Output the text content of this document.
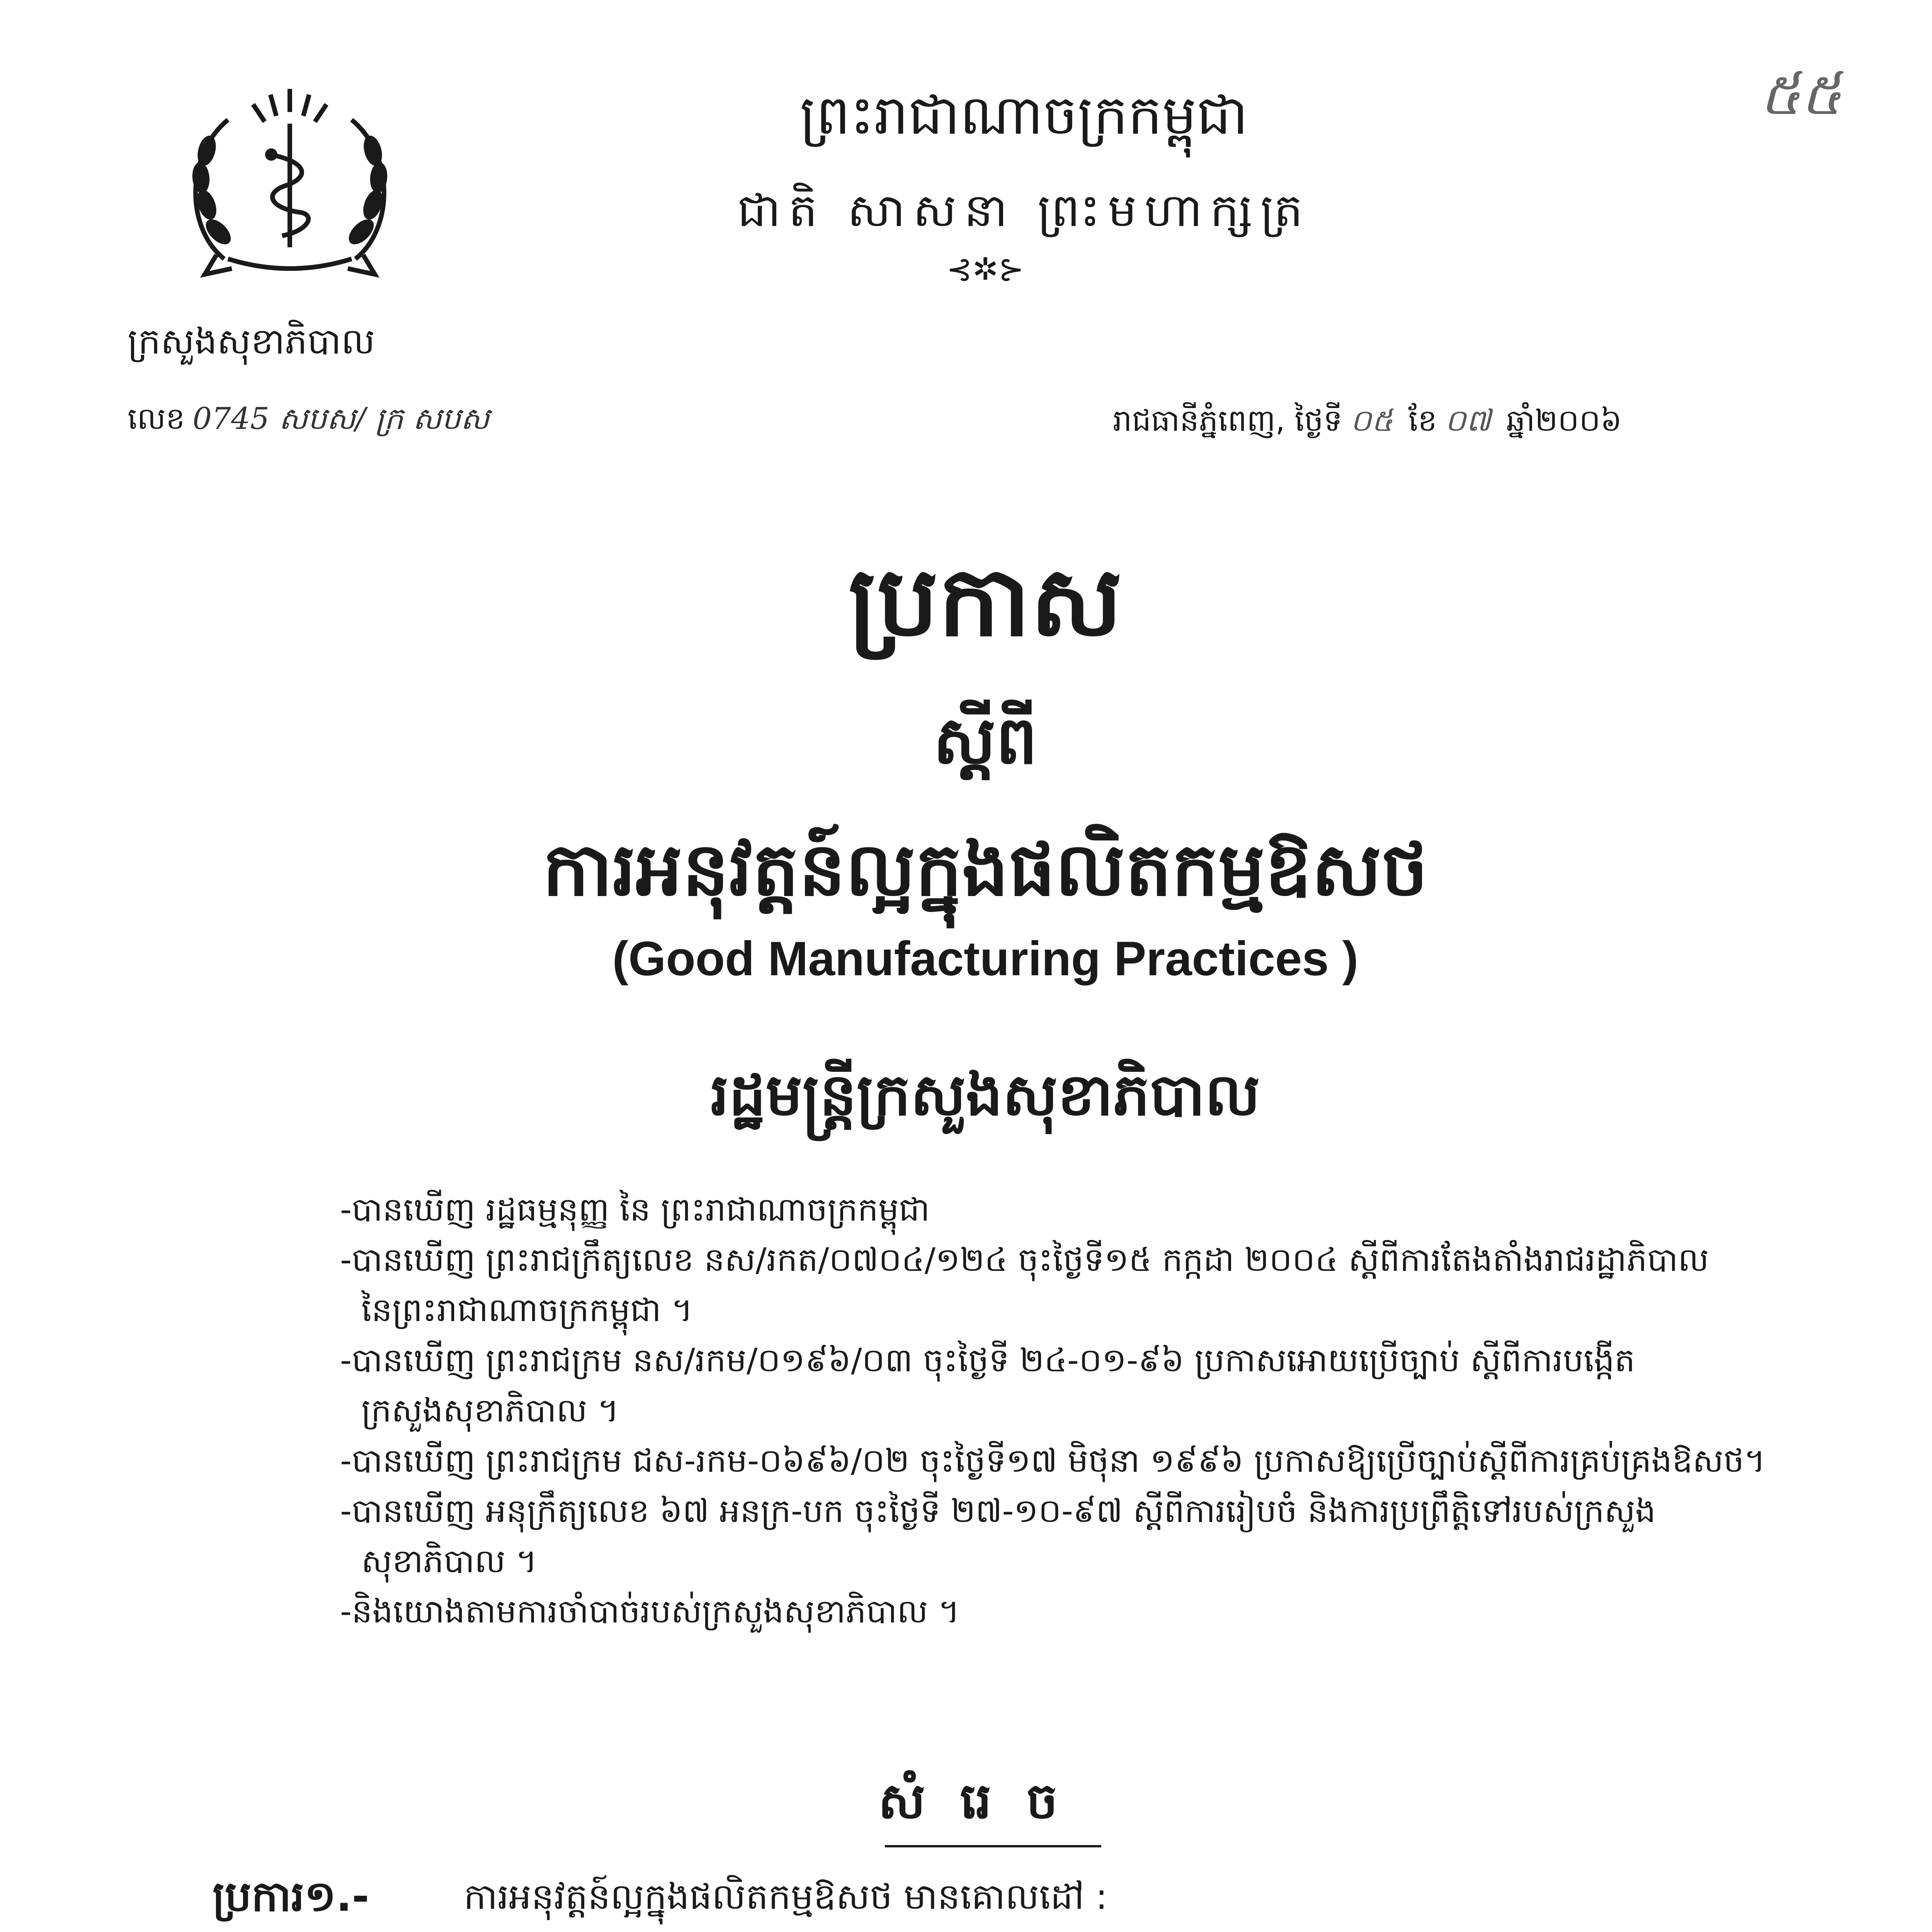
ក្រសួងសុខាភិបាល
លេខ 0745 សបស/ ក្រ សបស
ព្រះរាជាណាចក្រកម្ពុជា
ជាតិ សាសនា ព្រះមហាក្សត្រ
⊰✲⊱
៥៥
រាជធានីភ្នំពេញ, ថ្ងៃទី ០៥ ខែ ០៧ ឆ្នាំ២០០៦
ប្រកាស
ស្ដីពី
ការអនុវត្តន៍ល្អក្នុងផលិតកម្មឱសថ
(Good Manufacturing Practices )
រដ្ឋមន្ត្រីក្រសួងសុខាភិបាល
-បានឃើញ រដ្ឋធម្មនុញ្ញ នៃ ព្រះរាជាណាចក្រកម្ពុជា
-បានឃើញ ព្រះរាជក្រឹត្យលេខ នស/រកត/០៧០៤/១២៤ ចុះថ្ងៃទី១៥ កក្កដា ២០០៤ ស្ដីពីការតែងតាំងរាជរដ្ឋាភិបាល
នៃព្រះរាជាណាចក្រកម្ពុជា ។
-បានឃើញ ព្រះរាជក្រម នស/រកម/០១៩៦/០៣ ចុះថ្ងៃទី ២៤-០១-៩៦ ប្រកាសអោយប្រើច្បាប់ ស្ដីពីការបង្កើត
ក្រសួងសុខាភិបាល ។
-បានឃើញ ព្រះរាជក្រម ជស-រកម-០៦៩៦/០២ ចុះថ្ងៃទី១៧ មិថុនា ១៩៩៦ ប្រកាសឱ្យប្រើច្បាប់ស្ដីពីការគ្រប់គ្រងឱសថ។
-បានឃើញ អនុក្រឹត្យលេខ ៦៧ អនក្រ-បក ចុះថ្ងៃទី ២៧-១០-៩៧ ស្ដីពីការរៀបចំ និងការប្រព្រឹត្តិទៅរបស់ក្រសួង
សុខាភិបាល ។
-និងយោងតាមការចាំបាច់របស់ក្រសួងសុខាភិបាល ។
សំរេច
ប្រការ១.-	ការអនុវត្តន៍ល្អក្នុងផលិតកម្មឱសថ មានគោលដៅ :
